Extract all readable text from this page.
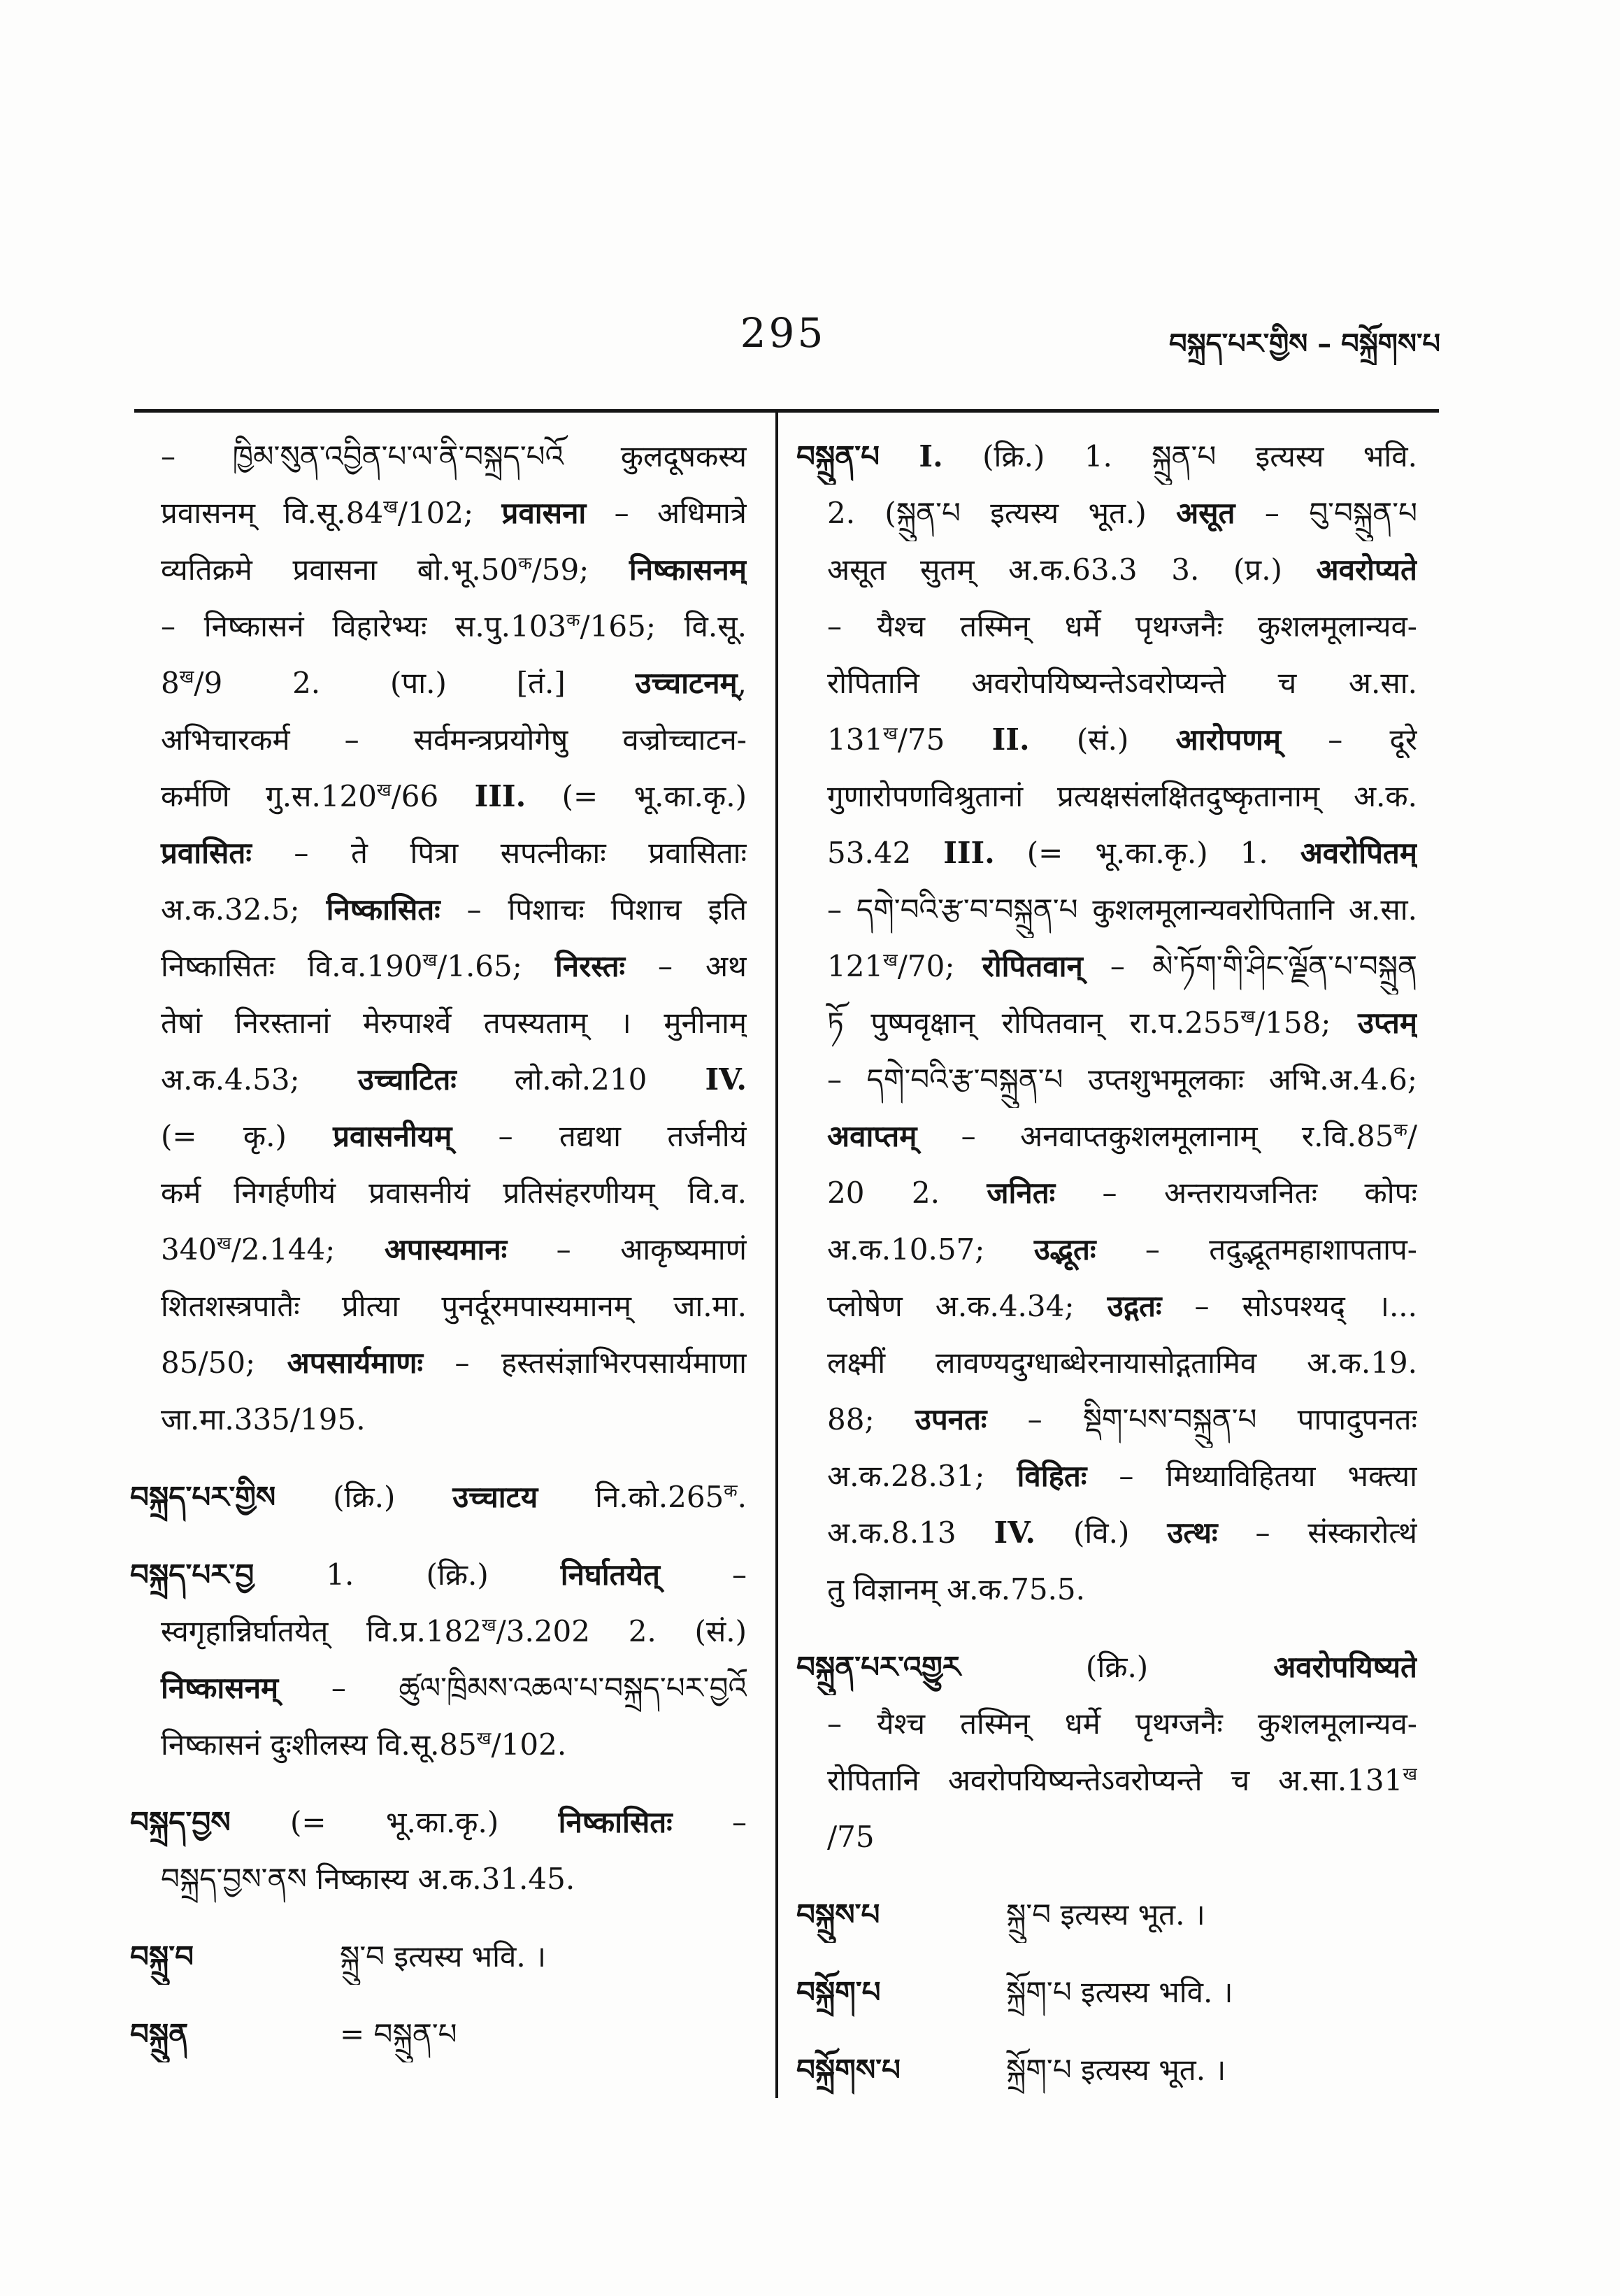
295	བསྐྲད་པར་གྱིས – བསྐྲོགས་པ
– ཁྱིམ་སུན་འབྱིན་པ་ལ་ནི་བསྐྲད་པའོ कुलदूषकस्य
प्रवासनम् $वि.सू.84^ख/102$; प्रवासना – अधिमात्रे
व्यतिक्रमे प्रवासना $बो.भू.50^क/59$; निष्कासनम्
– निष्कासनं विहारेभ्यः $स.पु.103^क/165$; वि.सू.
$8^ख/9$ 2. (पा.) [तं.] उच्चाटनम्,
अभिचारकर्म – सर्वमन्त्रप्रयोगेषु वज्रोच्चाटन-
कर्मणि $गु.स.120^ख/66$ III. (= भू.का.कृ.)
प्रवासितः – ते पित्रा सपत्नीकाः प्रवासिताः
अ.क.32.5; निष्कासितः – पिशाचः पिशाच इति
निष्कासितः $वि.व.190^ख/1.65$; निरस्तः – अथ
तेषां निरस्तानां मेरुपार्श्वे तपस्यताम् । मुनीनाम्
अ.क.4.53; उच्चाटितः लो.को.210 IV.
(= कृ.) प्रवासनीयम् – तद्यथा तर्जनीयं
कर्म निगर्हणीयं प्रवासनीयं प्रतिसंहरणीयम् वि.व.
$340^ख/2.144$; अपास्यमानः – आकृष्यमाणं
शितशस्त्रपातैः प्रीत्या पुनर्दूरमपास्यमानम् जा.मा.
85/50; अपसार्यमाणः – हस्तसंज्ञाभिरपसार्यमाणा
जा.मा.335/195.
བསྐྲད་པར་གྱིས (क्रि.) उच्चाटय $नि.को.265^क$.
བསྐྲད་པར་བྱ 1. (क्रि.) निर्घातयेत् –
स्वगृहान्निर्घातयेत् $वि.प्र.182^ख/3.202$ 2. (सं.)
निष्कासनम् – ཚུལ་ཁྲིམས་འཆལ་པ་བསྐྲད་པར་བྱའོ
निष्कासनं दुःशीलस्य $वि.सू.85^ख/102$.
བསྐྲད་བྱས (= भू.का.कृ.) निष्कासितः –
བསྐྲད་བྱས་ནས निष्कास्य अ.क.31.45.
བསྐྲུ་བ	སྐྲུ་བ इत्यस्य भवि. ।
བསྐྲུན	= བསྐྲུན་པ
བསྐྲུན་པ I. (क्रि.) 1. སྐྲུན་པ इत्यस्य भवि.
2. (སྐྲུན་པ इत्यस्य भूत.) असूत – བུ་བསྐྲུན་པ
असूत सुतम् अ.क.63.3 3. (प्र.) अवरोप्यते
– यैश्च तस्मिन् धर्मे पृथग्जनैः कुशलमूलान्यव-
रोपितानि अवरोपयिष्यन्तेऽवरोप्यन्ते च अ.सा.
$131^ख/75$ II. (सं.) आरोपणम् – दूरे
गुणारोपणविश्रुतानां प्रत्यक्षसंलक्षितदुष्कृतानाम् अ.क.
53.42 III. (= भू.का.कृ.) 1. अवरोपितम्
– དགེ་བའི་རྩ་བ་བསྐྲུན་པ कुशलमूलान्यवरोपितानि अ.सा.
$121^ख/70$; रोपितवान् – མེ་ཏོག་གི་ཤིང་ལྗོན་པ་བསྐྲུན
ཏོ पुष्पवृक्षान् रोपितवान् $रा.प.255^ख/158$; उप्तम्
– དགེ་བའི་རྩ་བསྐྲུན་པ उप्तशुभमूलकाः अभि.अ.4.6;
अवाप्तम् – अनवाप्तकुशलमूलानाम् $र.वि.85^क/$
20 2. जनितः – अन्तरायजनितः कोपः
अ.क.10.57; उद्भूतः – तदुद्भूतमहाशापताप-
प्लोषेण अ.क.4.34; उद्गतः – सोऽपश्यद् ।...
लक्ष्मीं लावण्यदुग्धाब्धेरनायासोद्गतामिव अ.क.19.
88; उपनतः – སྡིག་པས་བསྐྲུན་པ पापादुपनतः
अ.क.28.31; विहितः – मिथ्याविहितया भक्त्या
अ.क.8.13 IV. (वि.) उत्थः – संस्कारोत्थं
तु विज्ञानम् अ.क.75.5.
བསྐྲུན་པར་འགྱུར (क्रि.) अवरोपयिष्यते
– यैश्च तस्मिन् धर्मे पृथग्जनैः कुशलमूलान्यव-
रोपितानि अवरोपयिष्यन्तेऽवरोप्यन्ते च $अ.सा.131^ख$
/75
བསྐྲུས་པ	སྐྲུ་བ इत्यस्य भूत. ।
བསྐྲོག་པ	སྐྲོག་པ इत्यस्य भवि. ।
བསྐྲོགས་པ	སྐྲོག་པ इत्यस्य भूत. ।
